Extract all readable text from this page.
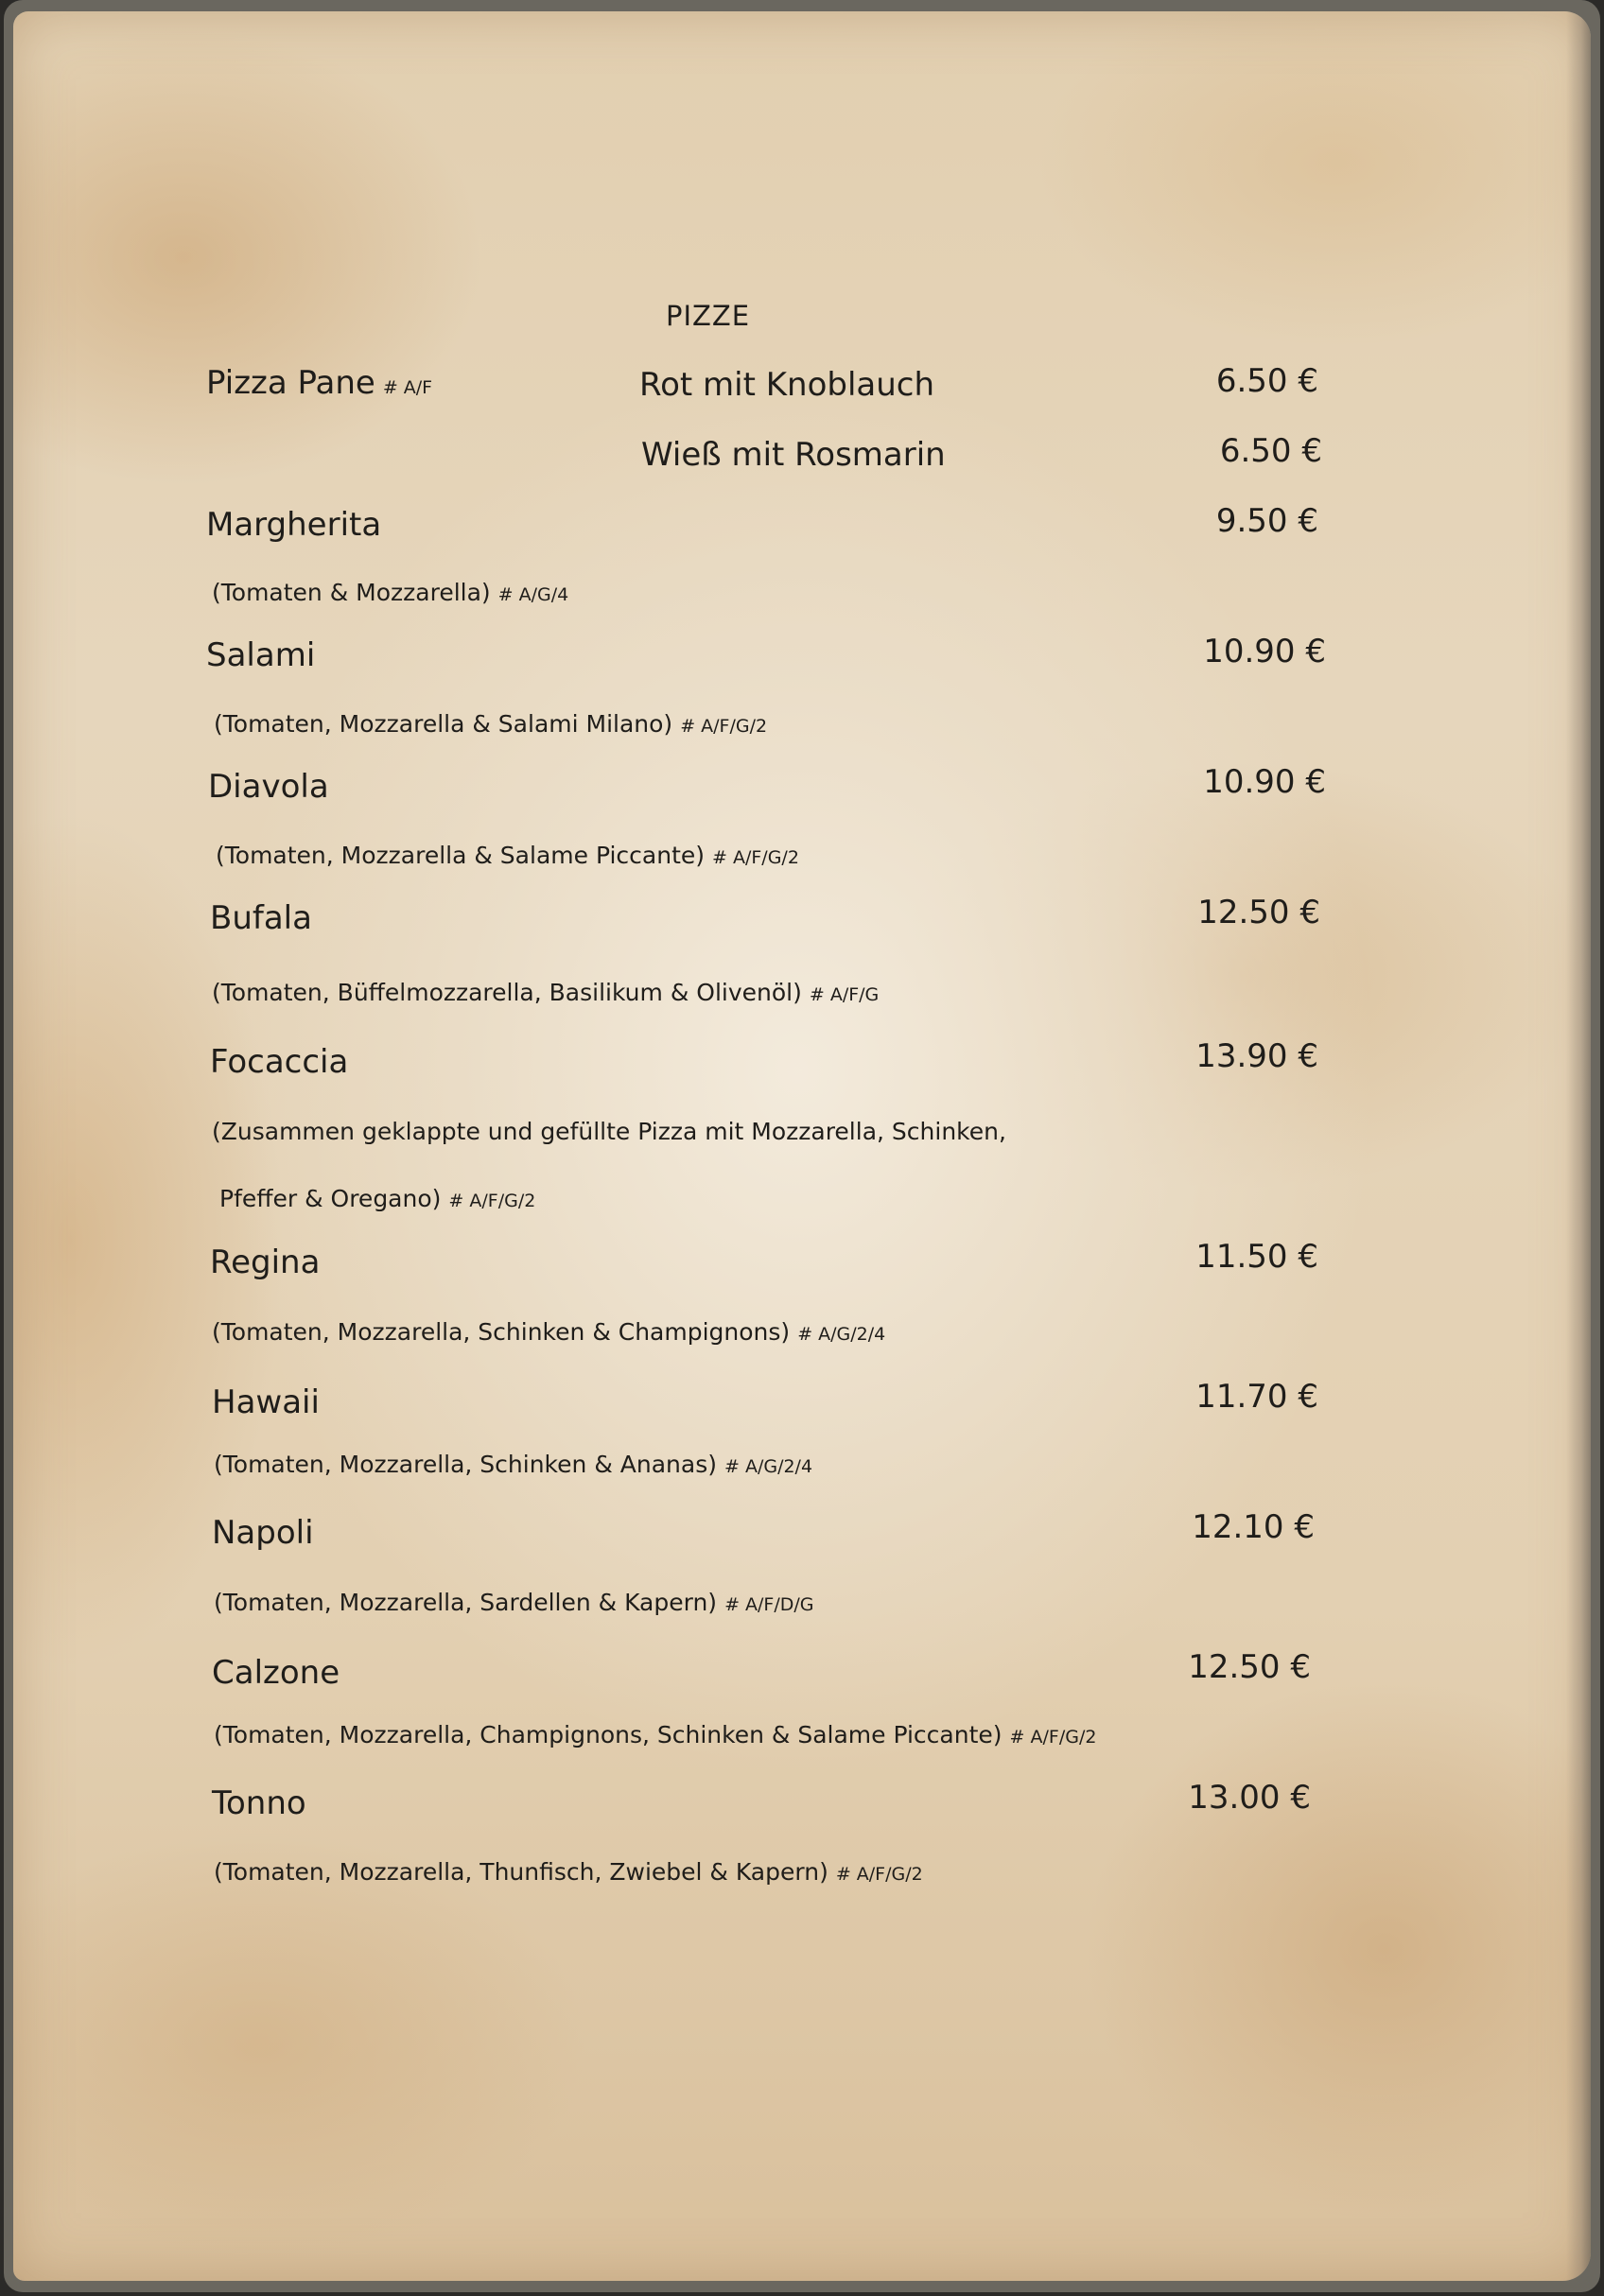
PIZZE
Pizza Pane # A/F	Rot mit Knoblauch	6.50 €
Wieß mit Rosmarin	6.50 €
Margherita	9.50 €
(Tomaten & Mozzarella) # A/G/4
Salami	10.90 €
(Tomaten, Mozzarella & Salami Milano) # A/F/G/2
Diavola	10.90 €
(Tomaten, Mozzarella & Salame Piccante) # A/F/G/2
Bufala	12.50 €
(Tomaten, Büffelmozzarella, Basilikum & Olivenöl) # A/F/G
Focaccia	13.90 €
(Zusammen geklappte und gefüllte Pizza mit Mozzarella, Schinken,
Pfeffer & Oregano) # A/F/G/2
Regina	11.50 €
(Tomaten, Mozzarella, Schinken & Champignons) # A/G/2/4
Hawaii	11.70 €
(Tomaten, Mozzarella, Schinken & Ananas) # A/G/2/4
Napoli	12.10 €
(Tomaten, Mozzarella, Sardellen & Kapern) # A/F/D/G
Calzone	12.50 €
(Tomaten, Mozzarella, Champignons, Schinken & Salame Piccante) # A/F/G/2
Tonno	13.00 €
(Tomaten, Mozzarella, Thunfisch, Zwiebel & Kapern) # A/F/G/2
